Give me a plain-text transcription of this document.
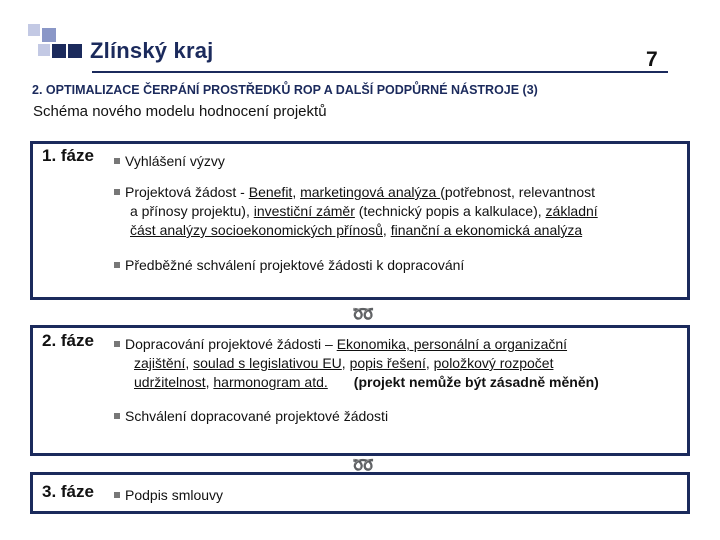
Zlínský kraj	7
2. OPTIMALIZACE ČERPÁNÍ PROSTŘEDKŮ ROP A DALŠÍ PODPŮRNÉ NÁSTROJE (3)
Schéma nového modelu hodnocení projektů
1. fáze	Vyhlášení výzvy
Projektová žádost - Benefit, marketingová analýza (potřebnost, relevantnost
a přínosy projektu), investiční záměr (technický popis a kalkulace), základní
část analýzy socioekonomických přínosů, finanční a ekonomická analýza
Předběžné schválení projektové žádosti k dopracování
➿
2. fáze	Dopracování projektové žádosti – Ekonomika, personální a organizační
zajištění, soulad s legislativou EU, popis řešení, položkový rozpočet
udržitelnost, harmonogram atd. (projekt nemůže být zásadně měněn)
Schválení dopracované projektové žádosti
➿
3. fáze	Podpis smlouvy
